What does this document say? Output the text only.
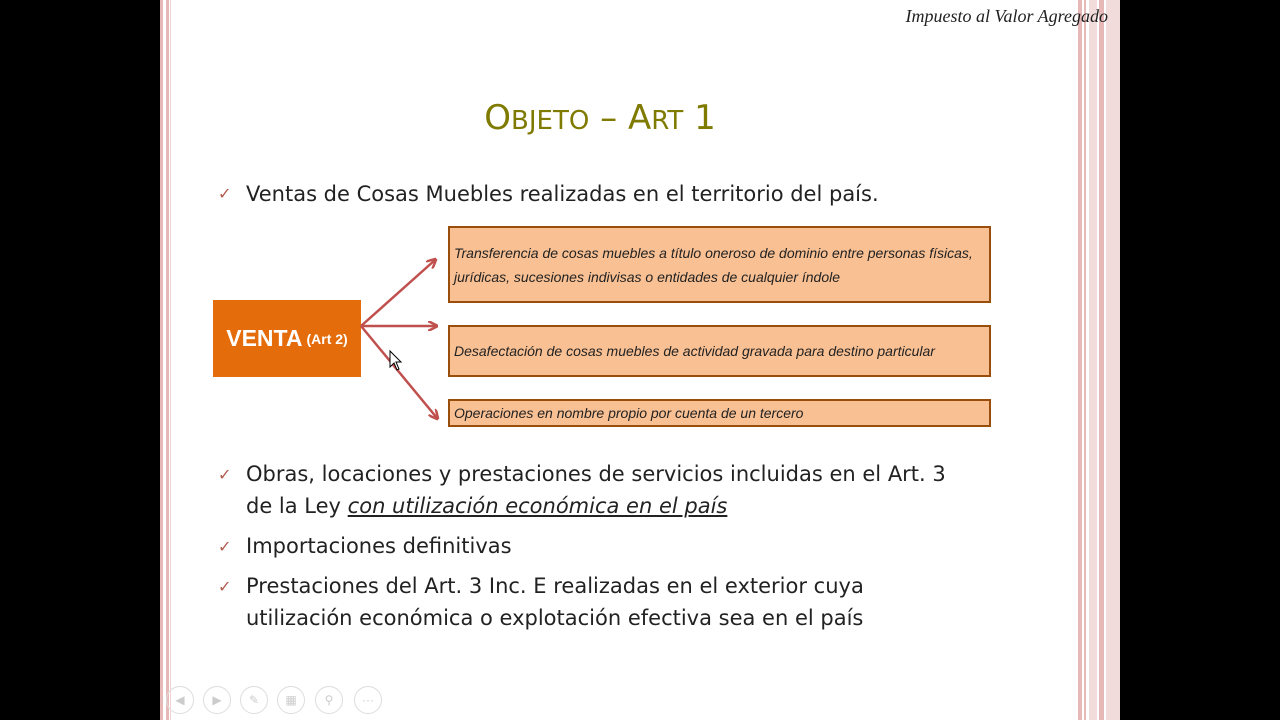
Impuesto al Valor Agregado
OBJETO – ART 1
✓ Ventas de Cosas Muebles realizadas en el territorio del país.
VENTA (Art 2)
Transferencia de cosas muebles a título oneroso de dominio entre personas físicas, jurídicas, sucesiones indivisas o entidades de cualquier índole
Desafectación de cosas muebles de actividad gravada para destino particular
Operaciones en nombre propio por cuenta de un tercero
✓ Obras, locaciones y prestaciones de servicios incluidas en el Art. 3
de la Ley con utilización económica en el país
✓ Importaciones definitivas
✓ Prestaciones del Art. 3 Inc. E realizadas en el exterior cuya
utilización económica o explotación efectiva sea en el país
◀	▶	✎	▦	⚲	···
